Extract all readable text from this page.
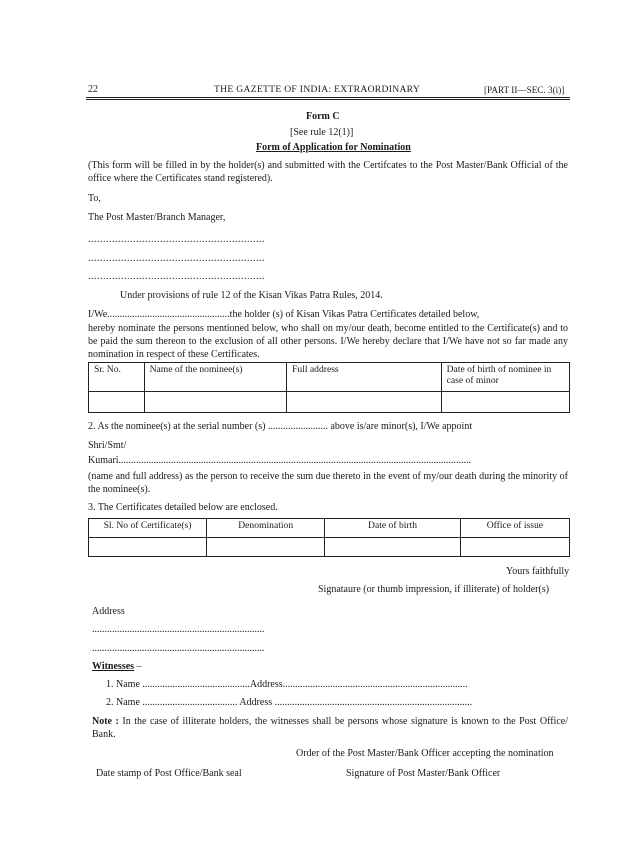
22	THE GAZETTE OF INDIA: EXTRAORDINARY	[PART II—SEC. 3(i)]
Form C
[See rule 12(1)]
Form of Application for Nomination
(This form will be filled in by the holder(s) and submitted with the Certifcates to the Post Master/Bank Official of the office where the Certificates stand registered).
To,
The Post Master/Branch Manager,
...........................................................
...........................................................
...........................................................
Under provisions of rule 12 of the Kisan Vikas Patra Rules, 2014.
I/We.................................................the holder (s) of Kisan Vikas Patra Certificates detailed below,
hereby nominate the persons mentioned below, who shall on my/our death, become entitled to the Certificate(s) and to be paid the sum thereon to the exclusion of all other persons. I/We hereby declare that I/We have not so far made any nomination in respect of these Certificates.
Sr. No.	Name of the nominee(s)	Full address	Date of birth of nominee in case of minor

2. As the nominee(s) at the serial number (s) ........................ above is/are minor(s), I/We appoint
Shri/Smt/
Kumari.............................................................................................................................................
(name and full address) as the person to receive the sum due thereto in the event of my/our death during the minority of the nominee(s).
3. The Certificates detailed below are enclosed.
Sl. No of Certificate(s)	Denomination	Date of birth	Office of issue

Yours faithfully
Signataure (or thumb impression, if illiterate) of holder(s)
Address
.....................................................................
.....................................................................
Witnesses –
1. Name ...........................................Address..........................................................................
2. Name ...................................... Address ...............................................................................
Note : In the case of illiterate holders, the witnesses shall be persons whose signature is known to the Post Office/ Bank.
Order of the Post Master/Bank Officer accepting the nomination
Date stamp of Post Office/Bank seal	Signature of Post Master/Bank Officer
